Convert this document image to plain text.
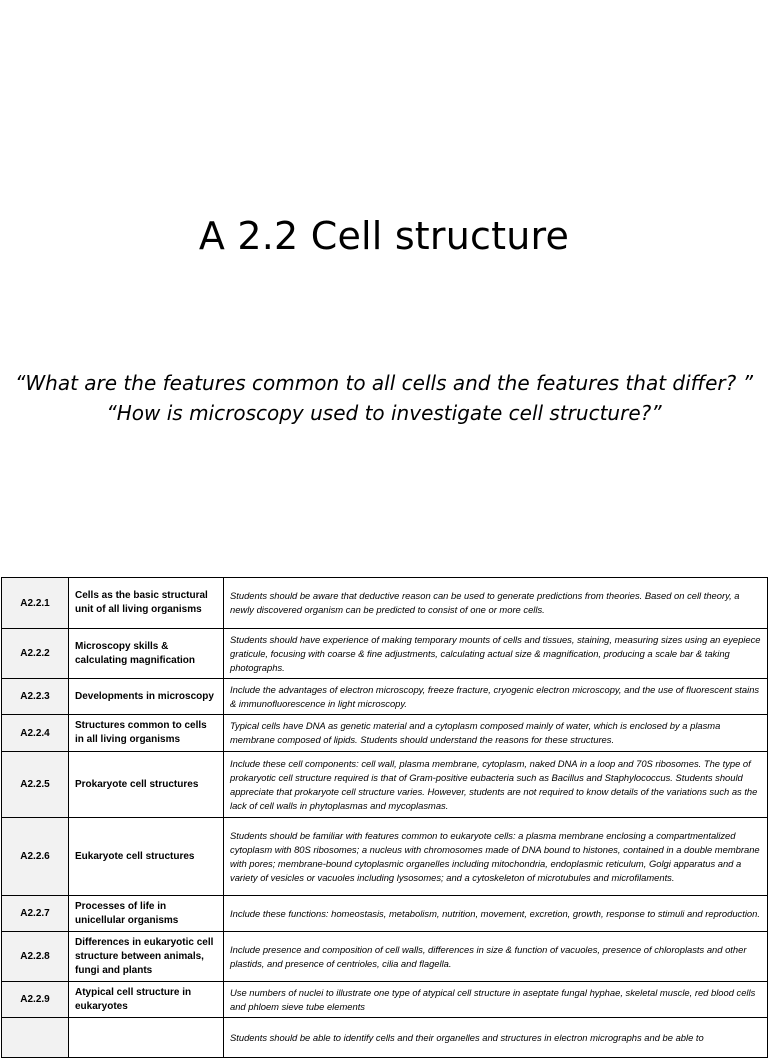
A 2.2 Cell structure
“What are the features common to all cells and the features that differ? ”
“How is microscopy used to investigate cell structure?”
A2.2.1	Cells as the basic structural unit of all living organisms	Students should be aware that deductive reason can be used to generate predictions from theories. Based on cell theory, a newly discovered organism can be predicted to consist of one or more cells.
A2.2.2	Microscopy skills & calculating magnification	Students should have experience of making temporary mounts of cells and tissues, staining, measuring sizes using an eyepiece graticule, focusing with coarse & fine adjustments, calculating actual size & magnification, producing a scale bar & taking photographs.
A2.2.3	Developments in microscopy	Include the advantages of electron microscopy, freeze fracture, cryogenic electron microscopy, and the use of fluorescent stains & immunofluorescence in light microscopy.
A2.2.4	Structures common to cells in all living organisms	Typical cells have DNA as genetic material and a cytoplasm composed mainly of water, which is enclosed by a plasma membrane composed of lipids. Students should understand the reasons for these structures.
A2.2.5	Prokaryote cell structures	Include these cell components: cell wall, plasma membrane, cytoplasm, naked DNA in a loop and 70S ribosomes. The type of prokaryotic cell structure required is that of Gram-positive eubacteria such as Bacillus and Staphylococcus. Students should appreciate that prokaryote cell structure varies. However, students are not required to know details of the variations such as the lack of cell walls in phytoplasmas and mycoplasmas.
A2.2.6	Eukaryote cell structures	Students should be familiar with features common to eukaryote cells: a plasma membrane enclosing a compartmentalized cytoplasm with 80S ribosomes; a nucleus with chromosomes made of DNA bound to histones, contained in a double membrane with pores; membrane-bound cytoplasmic organelles including mitochondria, endoplasmic reticulum, Golgi apparatus and a variety of vesicles or vacuoles including lysosomes; and a cytoskeleton of microtubules and microfilaments.
A2.2.7	Processes of life in unicellular organisms	Include these functions: homeostasis, metabolism, nutrition, movement, excretion, growth, response to stimuli and reproduction.
A2.2.8	Differences in eukaryotic cell structure between animals, fungi and plants	Include presence and composition of cell walls, differences in size & function of vacuoles, presence of chloroplasts and other plastids, and presence of centrioles, cilia and flagella.
A2.2.9	Atypical cell structure in eukaryotes	Use numbers of nuclei to illustrate one type of atypical cell structure in aseptate fungal hyphae, skeletal muscle, red blood cells and phloem sieve tube elements
		Students should be able to identify cells and their organelles and structures in electron micrographs and be able to
